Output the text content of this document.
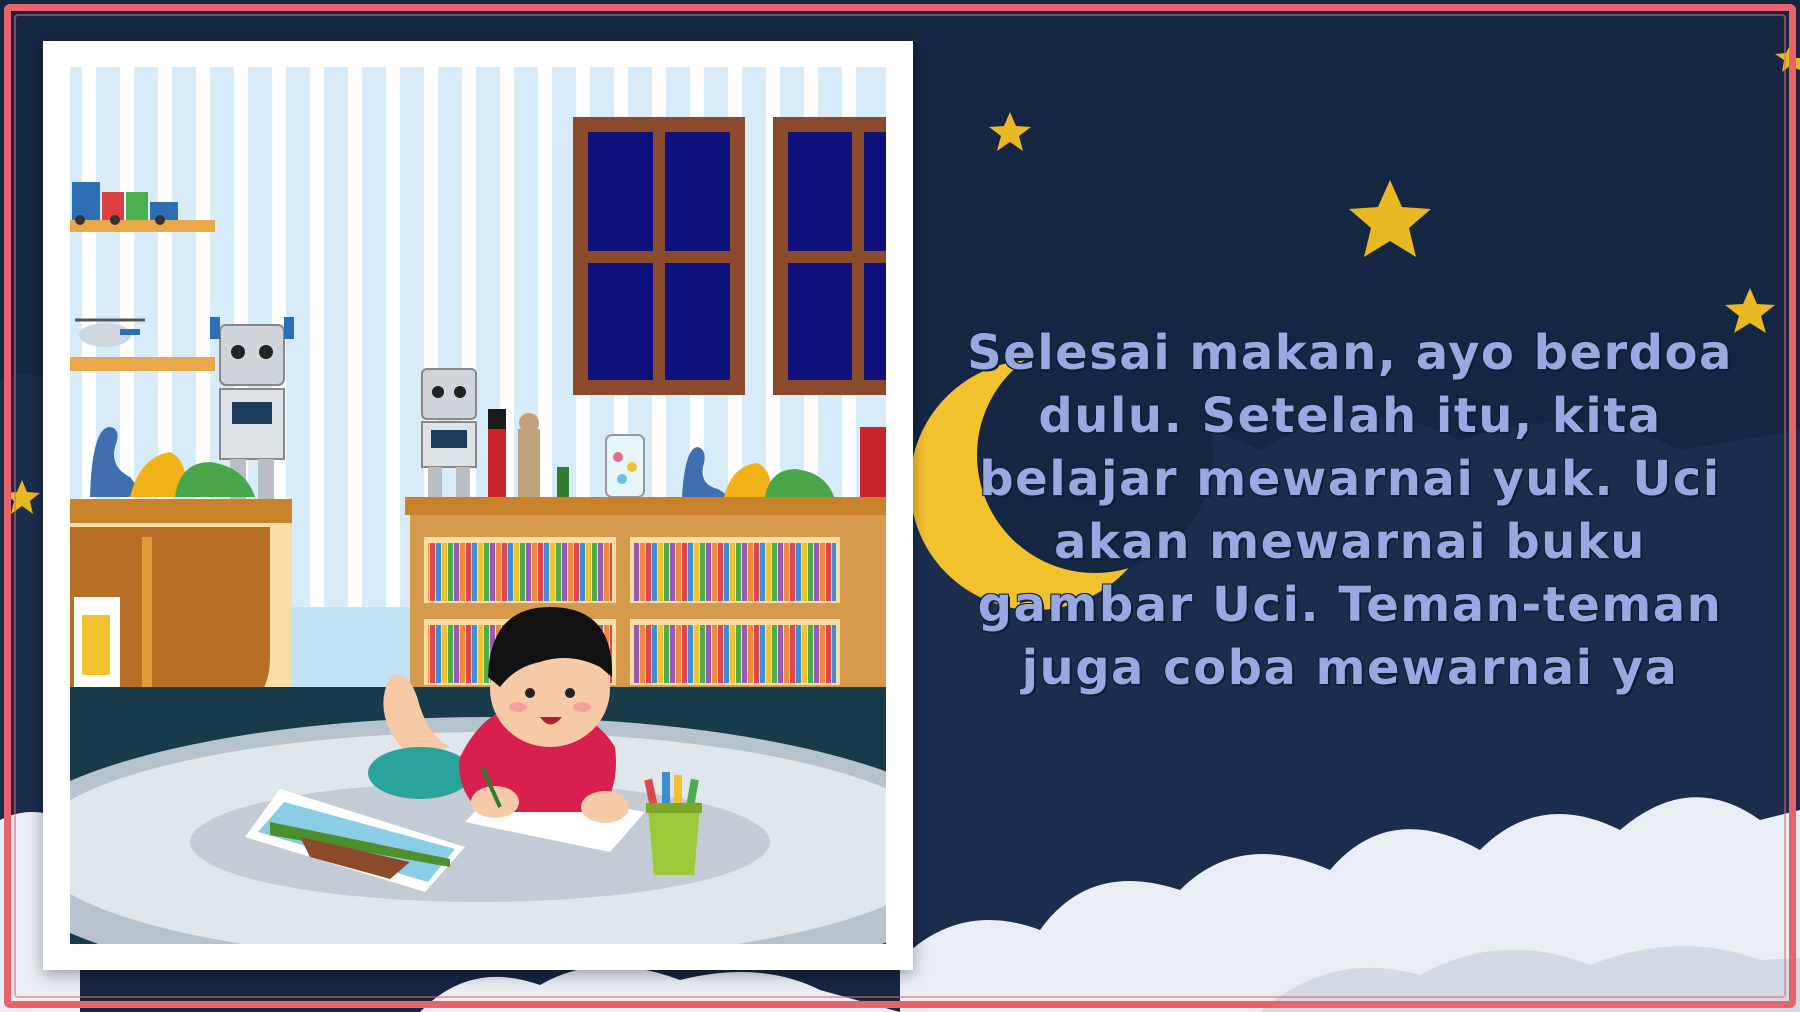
Selesai makan, ayo berdoa dulu. Setelah itu, kita belajar mewarnai yuk. Uci akan mewarnai buku gambar Uci. Teman-teman juga coba mewarnai ya
